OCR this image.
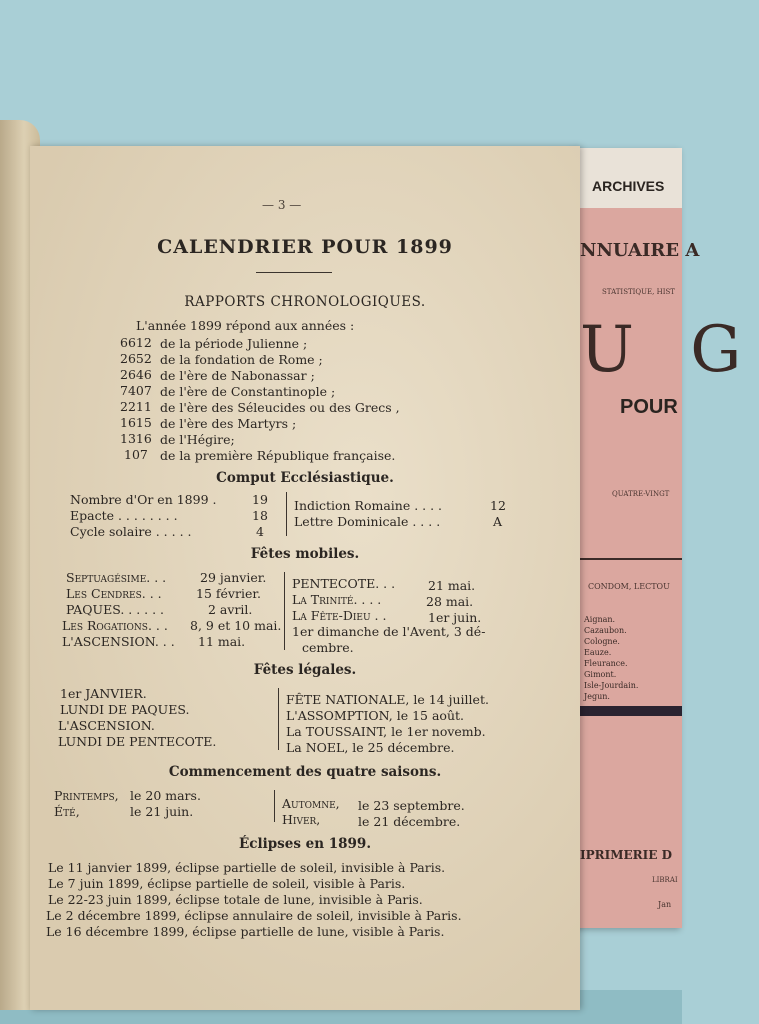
ARCHIVES
NNUAIRE A
STATISTIQUE, HIST
U G
POUR
QUATRE-VINGT
CONDOM, LECTOU
Aignan.
Cazaubon.
Cologne.
Eauze.
Fleurance.
Gimont.
Isle-Jourdain.
Jegun.
IPRIMERIE D
LIBRAI
Jan
— 3 —
CALENDRIER POUR 1899
RAPPORTS CHRONOLOGIQUES.
L'année 1899 répond aux années :
6612 de la période Julienne ;
2652 de la fondation de Rome ;
2646 de l'ère de Nabonassar ;
7407 de l'ère de Constantinople ;
2211 de l'ère des Séleucides ou des Grecs ,
1615 de l'ère des Martyrs ;
1316 de l'Hégire;
107 de la première République française.
Comput Ecclésiastique.
Nombre d'Or en 1899 .	19
Epacte . . . . . . . .	18
Cycle solaire . . . . .	4
Indiction Romaine . . . .	12
Lettre Dominicale . . . .	A
Fêtes mobiles.
Septuagésime. . .	29 janvier.
Les Cendres. . .	15 février.
PAQUES. . . . . .	2 avril.
Les Rogations. . . 8, 9 et 10 mai.
L'ASCENSION. . . 11 mai.
PENTECOTE. . .	21 mai.
La Trinité. . . .	28 mai.
La Fête-Dieu . .	1er juin.
1er dimanche de l'Avent, 3 dé-
cembre.
Fêtes légales.
1er JANVIER.
LUNDI DE PAQUES.
L'ASCENSION.
LUNDI DE PENTECOTE.
FÊTE NATIONALE, le 14 juillet.
L'ASSOMPTION, le 15 août.
La TOUSSAINT, le 1er novemb.
La NOEL, le 25 décembre.
Commencement des quatre saisons.
Printemps, le 20 mars.
Été,	le 21 juin.
Automne, le 23 septembre.
Hiver,	le 21 décembre.
Éclipses en 1899.
Le 11 janvier 1899, éclipse partielle de soleil, invisible à Paris.
Le 7 juin 1899, éclipse partielle de soleil, visible à Paris.
Le 22-23 juin 1899, éclipse totale de lune, invisible à Paris.
Le 2 décembre 1899, éclipse annulaire de soleil, invisible à Paris.
Le 16 décembre 1899, éclipse partielle de lune, visible à Paris.
